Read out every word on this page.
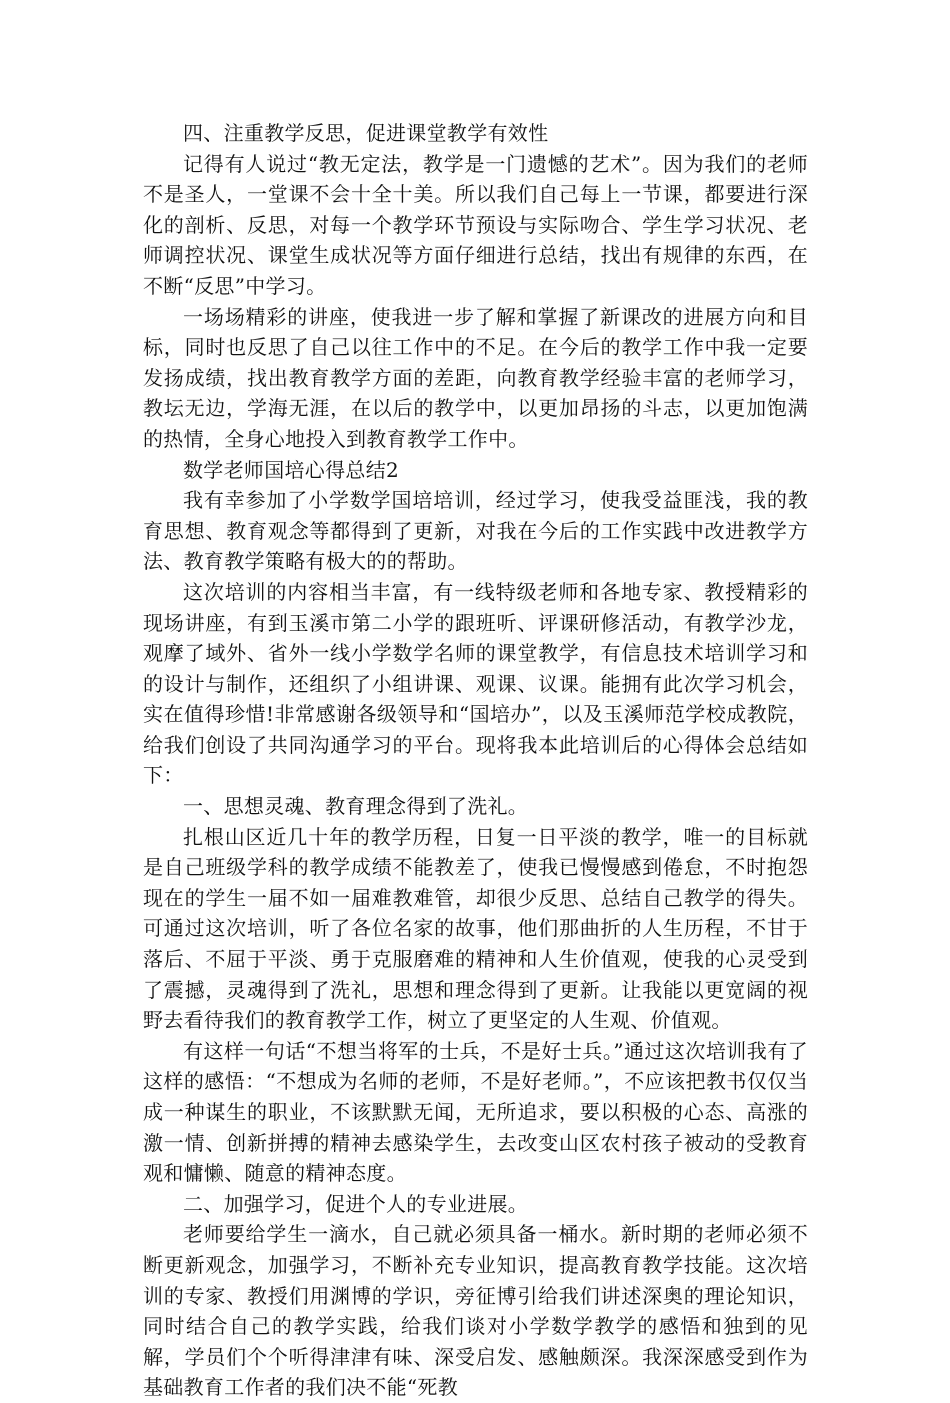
四、注重教学反思，促进课堂教学有效性

记得有人说过“教无定法，教学是一门遗憾的艺术”。因为我们的老师不是圣人，一堂课不会十全十美。所以我们自己每上一节课，都要进行深化的剖析、反思，对每一个教学环节预设与实际吻合、学生学习状况、老师调控状况、课堂生成状况等方面仔细进行总结，找出有规律的东西，在不断“反思”中学习。

一场场精彩的讲座，使我进一步了解和掌握了新课改的进展方向和目标，同时也反思了自己以往工作中的不足。在今后的教学工作中我一定要发扬成绩，找出教育教学方面的差距，向教育教学经验丰富的老师学习，教坛无边，学海无涯，在以后的教学中，以更加昂扬的斗志，以更加饱满的热情，全身心地投入到教育教学工作中。

数学老师国培心得总结2

我有幸参加了小学数学国培培训，经过学习，使我受益匪浅，我的教育思想、教育观念等都得到了更新，对我在今后的工作实践中改进教学方法、教育教学策略有极大的的帮助。

这次培训的内容相当丰富，有一线特级老师和各地专家、教授精彩的现场讲座，有到玉溪市第二小学的跟班听、评课研修活动，有教学沙龙，观摩了域外、省外一线小学数学名师的课堂教学，有信息技术培训学习和的设计与制作，还组织了小组讲课、观课、议课。能拥有此次学习机会，实在值得珍惜!非常感谢各级领导和“国培办”，以及玉溪师范学校成教院，给我们创设了共同沟通学习的平台。现将我本此培训后的心得体会总结如下：

一、思想灵魂、教育理念得到了洗礼。

扎根山区近几十年的教学历程，日复一日平淡的教学，唯一的目标就是自己班级学科的教学成绩不能教差了，使我已慢慢感到倦怠，不时抱怨现在的学生一届不如一届难教难管，却很少反思、总结自己教学的得失。可通过这次培训，听了各位名家的故事，他们那曲折的人生历程，不甘于落后、不屈于平淡、勇于克服磨难的精神和人生价值观，使我的心灵受到了震撼，灵魂得到了洗礼，思想和理念得到了更新。让我能以更宽阔的视野去看待我们的教育教学工作，树立了更坚定的人生观、价值观。

有这样一句话“不想当将军的士兵，不是好士兵。”通过这次培训我有了这样的感悟：“不想成为名师的老师，不是好老师。”，不应该把教书仅仅当成一种谋生的职业，不该默默无闻，无所追求，要以积极的心态、高涨的激一情、创新拼搏的精神去感染学生，去改变山区农村孩子被动的受教育观和慵懒、随意的精神态度。

二、加强学习，促进个人的专业进展。

老师要给学生一滴水，自己就必须具备一桶水。新时期的老师必须不断更新观念，加强学习，不断补充专业知识，提高教育教学技能。这次培训的专家、教授们用渊博的学识，旁征博引给我们讲述深奥的理论知识，同时结合自己的教学实践，给我们谈对小学数学教学的感悟和独到的见解，学员们个个听得津津有味、深受启发、感触颇深。我深深感受到作为基础教育工作者的我们决不能“死教
